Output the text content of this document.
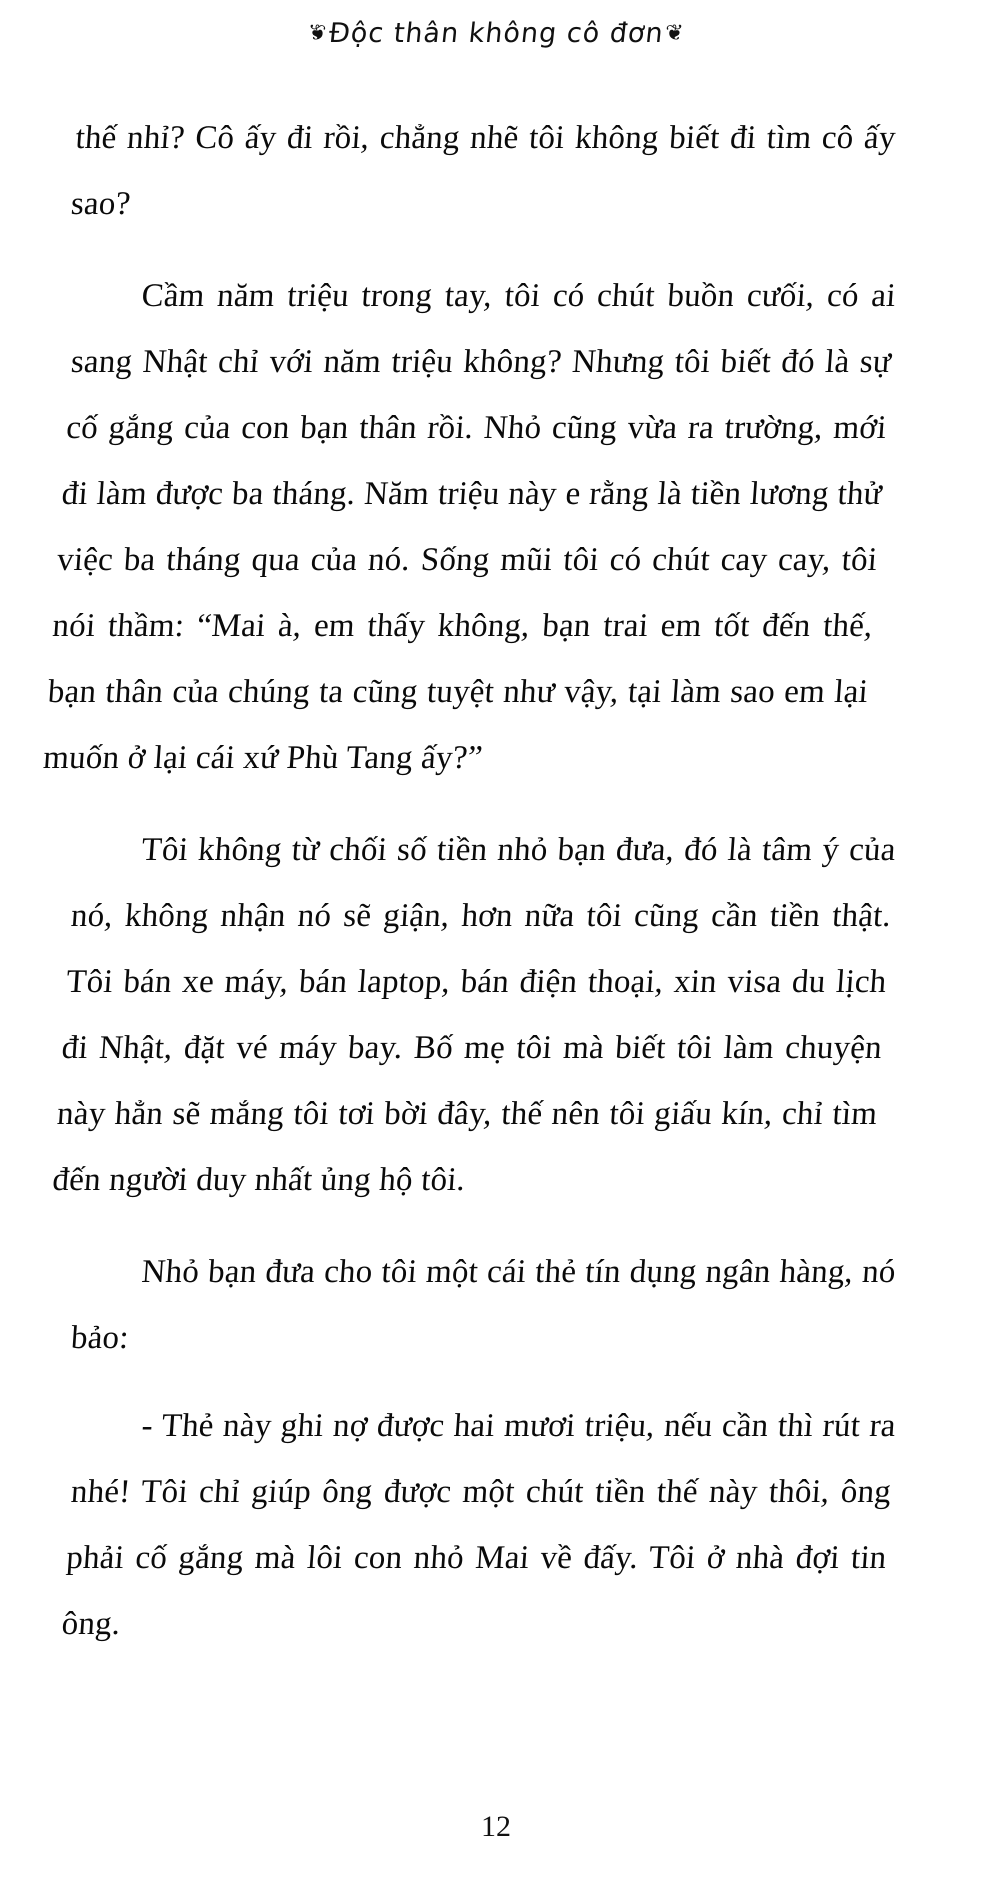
❦Độc thân không cô đơn❦

thế nhỉ? Cô ấy đi rồi, chẳng nhẽ tôi không biết đi tìm cô ấy sao?

Cầm năm triệu trong tay, tôi có chút buồn cưối, có ai sang Nhật chỉ với năm triệu không? Nhưng tôi biết đó là sự cố gắng của con bạn thân rồi. Nhỏ cũng vừa ra trường, mới đi làm được ba tháng. Năm triệu này e rằng là tiền lương thử việc ba tháng qua của nó. Sống mũi tôi có chút cay cay, tôi nói thầm: “Mai à, em thấy không, bạn trai em tốt đến thế, bạn thân của chúng ta cũng tuyệt như vậy, tại làm sao em lại muốn ở lại cái xứ Phù Tang ấy?”

Tôi không từ chối số tiền nhỏ bạn đưa, đó là tâm ý của nó, không nhận nó sẽ giận, hơn nữa tôi cũng cần tiền thật. Tôi bán xe máy, bán laptop, bán điện thoại, xin visa du lịch đi Nhật, đặt vé máy bay. Bố mẹ tôi mà biết tôi làm chuyện này hẳn sẽ mắng tôi tơi bời đây, thế nên tôi giấu kín, chỉ tìm đến người duy nhất ủng hộ tôi.

Nhỏ bạn đưa cho tôi một cái thẻ tín dụng ngân hàng, nó bảo:

- Thẻ này ghi nợ được hai mươi triệu, nếu cần thì rút ra nhé! Tôi chỉ giúp ông được một chút tiền thế này thôi, ông phải cố gắng mà lôi con nhỏ Mai về đấy. Tôi ở nhà đợi tin ông.

12
